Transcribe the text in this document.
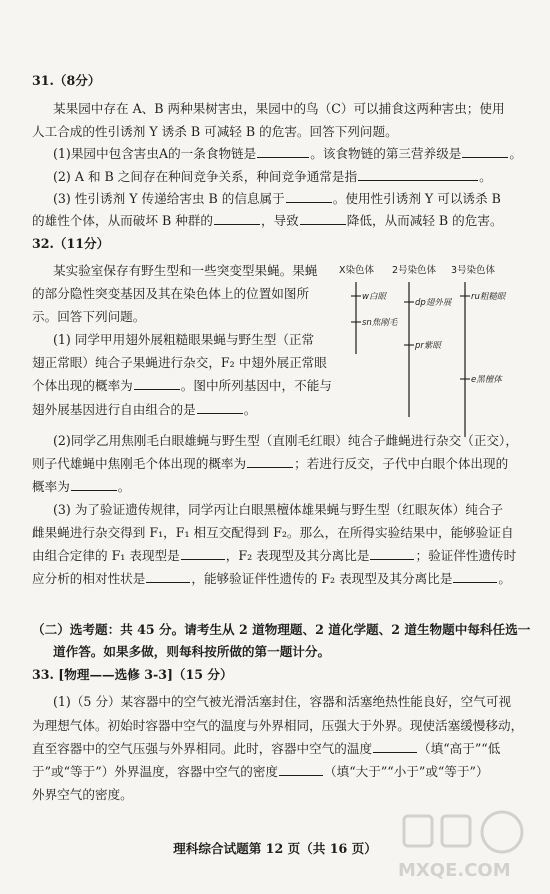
31.（8分）
某果园中存在 A、B 两种果树害虫，果园中的鸟（C）可以捕食这两种害虫；使用
人工合成的性引诱剂 Y 诱杀 B 可减轻 B 的危害。回答下列问题。
(1)果园中包含害虫A的一条食物链是	。该食物链的第三营养级是	。
(2) A 和 B 之间存在种间竞争关系，种间竞争通常是指	。
(3) 性引诱剂 Y 传递给害虫 B 的信息属于	。使用性引诱剂 Y 可以诱杀 B
的雄性个体，从而破坏 B 种群的	，导致	降低，从而减轻 B 的危害。
32.（11分）
某实验室保存有野生型和一些突变型果蝇。果蝇
的部分隐性突变基因及其在染色体上的位置如图所
示。回答下列问题。
(1) 同学甲用翅外展粗糙眼果蝇与野生型（正常
翅正常眼）纯合子果蝇进行杂交，F₂ 中翅外展正常眼
个体出现的概率为	。图中所列基因中，不能与
翅外展基因进行自由组合的是	。
X染色体 2号染色体 3号染色体
w白眼
sn焦刚毛
dp翅外展
pr紫眼
ru粗糙眼
e黑檀体
(2)同学乙用焦刚毛白眼雄蝇与野生型（直刚毛红眼）纯合子雌蝇进行杂交（正交），
则子代雄蝇中焦刚毛个体出现的概率为	；若进行反交，子代中白眼个体出现的
概率为	。
(3) 为了验证遗传规律，同学丙让白眼黑檀体雄果蝇与野生型（红眼灰体）纯合子
雌果蝇进行杂交得到 F₁，F₁ 相互交配得到 F₂。那么，在所得实验结果中，能够验证自
由组合定律的 F₁ 表现型是	，F₂ 表现型及其分离比是	；验证伴性遗传时
应分析的相对性状是	，能够验证伴性遗传的 F₂ 表现型及其分离比是	。
（二）选考题：共 45 分。请考生从 2 道物理题、2 道化学题、2 道生物题中每科任选一
道作答。如果多做，则每科按所做的第一题计分。
33. [物理——选修 3-3]（15 分）
(1)（5 分）某容器中的空气被光滑活塞封住，容器和活塞绝热性能良好，空气可视
为理想气体。初始时容器中空气的温度与外界相同，压强大于外界。现使活塞缓慢移动，
直至容器中的空气压强与外界相同。此时，容器中空气的温度	（填“高于”“低
于”或“等于”）外界温度，容器中空气的密度	（填“大于”“小于”或“等于”）
外界空气的密度。
理科综合试题第 12 页（共 16 页）
MXQE.COM
